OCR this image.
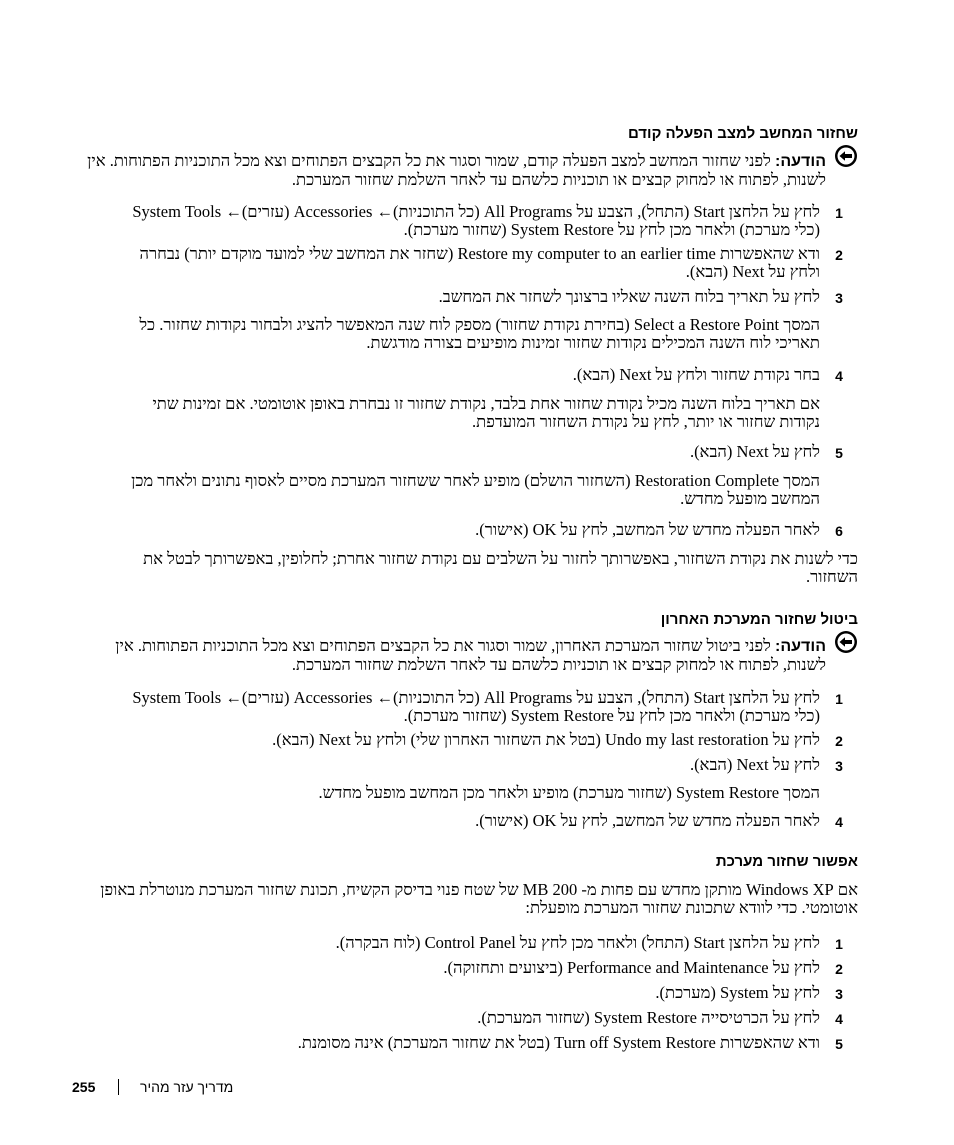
שחזור המחשב למצב הפעלה קודם
הודעה: לפני שחזור המחשב למצב הפעלה קודם, שמור וסגור את כל הקבצים הפתוחים וצא מכל התוכניות הפתוחות. אין לשנות, לפתוח או למחוק קבצים או תוכניות כלשהם עד לאחר השלמת שחזור המערכת.
1
לחץ על הלחצן Start (התחל), הצבע על All Programs (כל התוכניות)← Accessories (עזרים)← System Tools (כלי מערכת) ולאחר מכן לחץ על System Restore (שחזור מערכת).
2
ודא שהאפשרות Restore my computer to an earlier time (שחזר את המחשב שלי למועד מוקדם יותר) נבחרה ולחץ על Next (הבא).
3
לחץ על תאריך בלוח השנה שאליו ברצונך לשחזר את המחשב.
המסך Select a Restore Point (בחירת נקודת שחזור) מספק לוח שנה המאפשר להציג ולבחור נקודות שחזור. כל תאריכי לוח השנה המכילים נקודות שחזור זמינות מופיעים בצורה מודגשת.
4
בחר נקודת שחזור ולחץ על Next (הבא).
אם תאריך בלוח השנה מכיל נקודת שחזור אחת בלבד, נקודת שחזור זו נבחרת באופן אוטומטי. אם זמינות שתי נקודות שחזור או יותר, לחץ על נקודת השחזור המועדפת.
5
לחץ על Next (הבא).
המסך Restoration Complete (השחזור הושלם) מופיע לאחר ששחזור המערכת מסיים לאסוף נתונים ולאחר מכן המחשב מופעל מחדש.
6
לאחר הפעלה מחדש של המחשב, לחץ על OK (אישור).
כדי לשנות את נקודת השחזור, באפשרותך לחזור על השלבים עם נקודת שחזור אחרת; לחלופין, באפשרותך לבטל את השחזור.
ביטול שחזור המערכת האחרון
הודעה: לפני ביטול שחזור המערכת האחרון, שמור וסגור את כל הקבצים הפתוחים וצא מכל התוכניות הפתוחות. אין לשנות, לפתוח או למחוק קבצים או תוכניות כלשהם עד לאחר השלמת שחזור המערכת.
1
לחץ על הלחצן Start (התחל), הצבע על All Programs (כל התוכניות)← Accessories (עזרים)← System Tools (כלי מערכת) ולאחר מכן לחץ על System Restore (שחזור מערכת).
2
לחץ על Undo my last restoration (בטל את השחזור האחרון שלי) ולחץ על Next (הבא).
3
לחץ על Next (הבא).
המסך System Restore (שחזור מערכת) מופיע ולאחר מכן המחשב מופעל מחדש.
4
לאחר הפעלה מחדש של המחשב, לחץ על OK (אישור).
אפשור שחזור מערכת
אם Windows XP מותקן מחדש עם פחות מ- 200 MB של שטח פנוי בדיסק הקשיח, תכונת שחזור המערכת מנוטרלת באופן אוטומטי. כדי לוודא שתכונת שחזור המערכת מופעלת:
1
לחץ על הלחצן Start (התחל) ולאחר מכן לחץ על Control Panel (לוח הבקרה).
2
לחץ על Performance and Maintenance (ביצועים ותחזוקה).
3
לחץ על System (מערכת).
4
לחץ על הכרטיסייה System Restore (שחזור המערכת).
5
ודא שהאפשרות Turn off System Restore (בטל את שחזור המערכת) אינה מסומנת.
255	מדריך עזר מהיר
